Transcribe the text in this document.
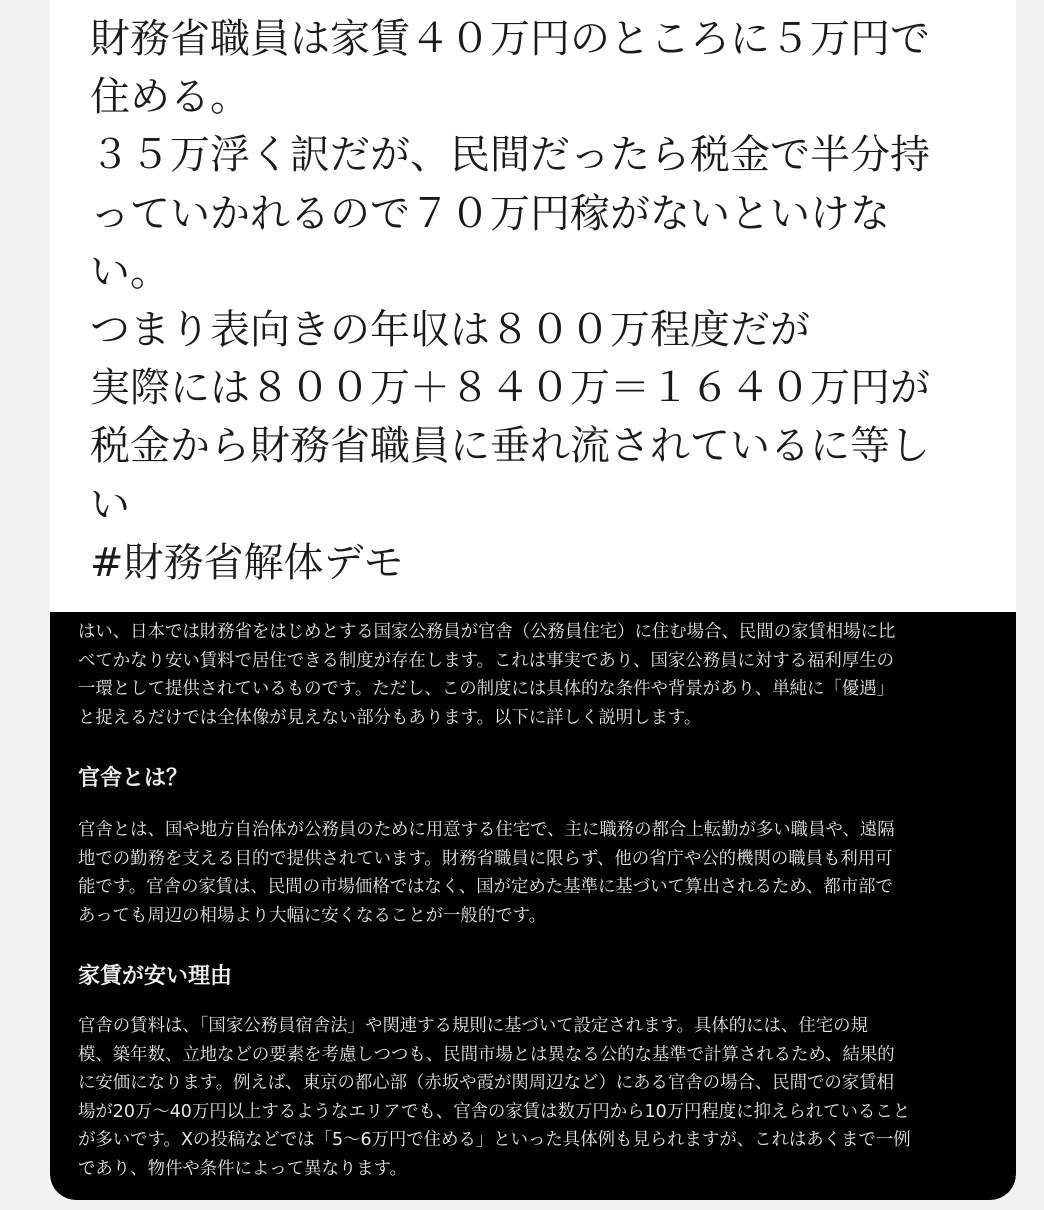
財務省職員は家賃４０万円のところに５万円で
住める。
３５万浮く訳だが、民間だったら税金で半分持
っていかれるので７０万円稼がないといけな
い。
つまり表向きの年収は８００万程度だが
実際には８００万＋８４０万＝１６４０万円が
税金から財務省職員に垂れ流されているに等し
い
#財務省解体デモ
はい、日本では財務省をはじめとする国家公務員が官舎（公務員住宅）に住む場合、民間の家賃相場に比
べてかなり安い賃料で居住できる制度が存在します。これは事実であり、国家公務員に対する福利厚生の
一環として提供されているものです。ただし、この制度には具体的な条件や背景があり、単純に「優遇」
と捉えるだけでは全体像が見えない部分もあります。以下に詳しく説明します。
官舎とは？
官舎とは、国や地方自治体が公務員のために用意する住宅で、主に職務の都合上転勤が多い職員や、遠隔
地での勤務を支える目的で提供されています。財務省職員に限らず、他の省庁や公的機関の職員も利用可
能です。官舎の家賃は、民間の市場価格ではなく、国が定めた基準に基づいて算出されるため、都市部で
あっても周辺の相場より大幅に安くなることが一般的です。
家賃が安い理由
官舎の賃料は、「国家公務員宿舎法」や関連する規則に基づいて設定されます。具体的には、住宅の規
模、築年数、立地などの要素を考慮しつつも、民間市場とは異なる公的な基準で計算されるため、結果的
に安価になります。例えば、東京の都心部（赤坂や霞が関周辺など）にある官舎の場合、民間での家賃相
場が20万〜40万円以上するようなエリアでも、官舎の家賃は数万円から10万円程度に抑えられていること
が多いです。Xの投稿などでは「5〜6万円で住める」といった具体例も見られますが、これはあくまで一例
であり、物件や条件によって異なります。
